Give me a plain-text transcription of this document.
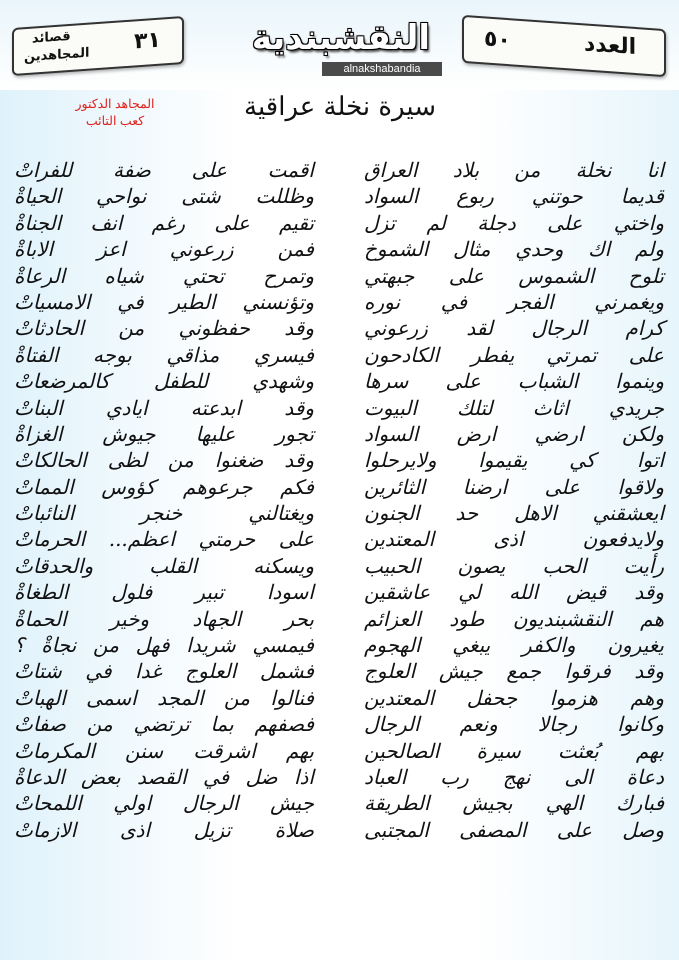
قصائد
المجاهدين
٣١	النقشبندية
alnakshabandia
٥٠	العدد
المجاهد الدكتور
كعب التائب	سيرة نخلة عراقية
انا نخلة من بلاد العراق
قديما حوتني ربوع السواد
واختي على دجلة لم تزل
ولم اك وحدي مثال الشموخ
تلوح الشموس على جبهتي
ويغمرني الفجر في نوره
كرام الرجال لقد زرعوني
على تمرتي يفطر الكادحون
وينموا الشباب على سرها
جريدي اثاث لتلك البيوت
ولكن ارضي ارض السواد
اتوا كي يقيموا ولايرحلوا
ولاقوا على ارضنا الثائرين
ايعشقني الاهل حد الجنون
ولايدفعون اذى المعتدين
رأيت الحب يصون الحبيب
وقد قيض الله لي عاشقين
هم النقشبنديون طود العزائم
يغيرون والكفر يبغي الهجوم
وقد فرقوا جمع جيش العلوج
وهم هزموا جحفل المعتدين
وكانوا رجالا ونعم الرجال
بهم بُعثت سيرة الصالحين
دعاة الى نهج رب العباد
فبارك الهي بجيش الطريقة
وصل على المصفى المجتبى
اقمت على ضفة للفراتْ
وظللت شتى نواحي الحياةْ
تقيم على رغم انف الجناةْ
فمن زرعوني اعز الاباةْ
وتمرح تحتي شياه الرعاةْ
وتؤنسني الطير في الامسياتْ
وقد حفظوني من الحادثاتْ
فيسري مذاقي بوجه الفتاةْ
وشهدي للطفل كالمرضعاتْ
وقد ابدعته ايادي البناتْ
تجور عليها جيوش الغزاةْ
وقد ضغنوا من لظى الحالكاتْ
فكم جرعوهم كؤوس المماتْ
ويغتالني خنجر النائباتْ
على حرمتي اعظم... الحرماتْ
ويسكنه القلب والحدقاتْ
اسودا تبير فلول الطغاةْ
بحر الجهاد وخير الحماةْ
فيمسي شريدا فهل من نجاةْ ؟
فشمل العلوج غدا في شتاتْ
فنالوا من المجد اسمى الهباتْ
فصفهم بما ترتضي من صفاتْ
بهم اشرقت سنن المكرماتْ
اذا ضل في القصد بعض الدعاةْ
جيش الرجال اولي اللمحاتْ
صلاة تزيل اذى الازماتْ
